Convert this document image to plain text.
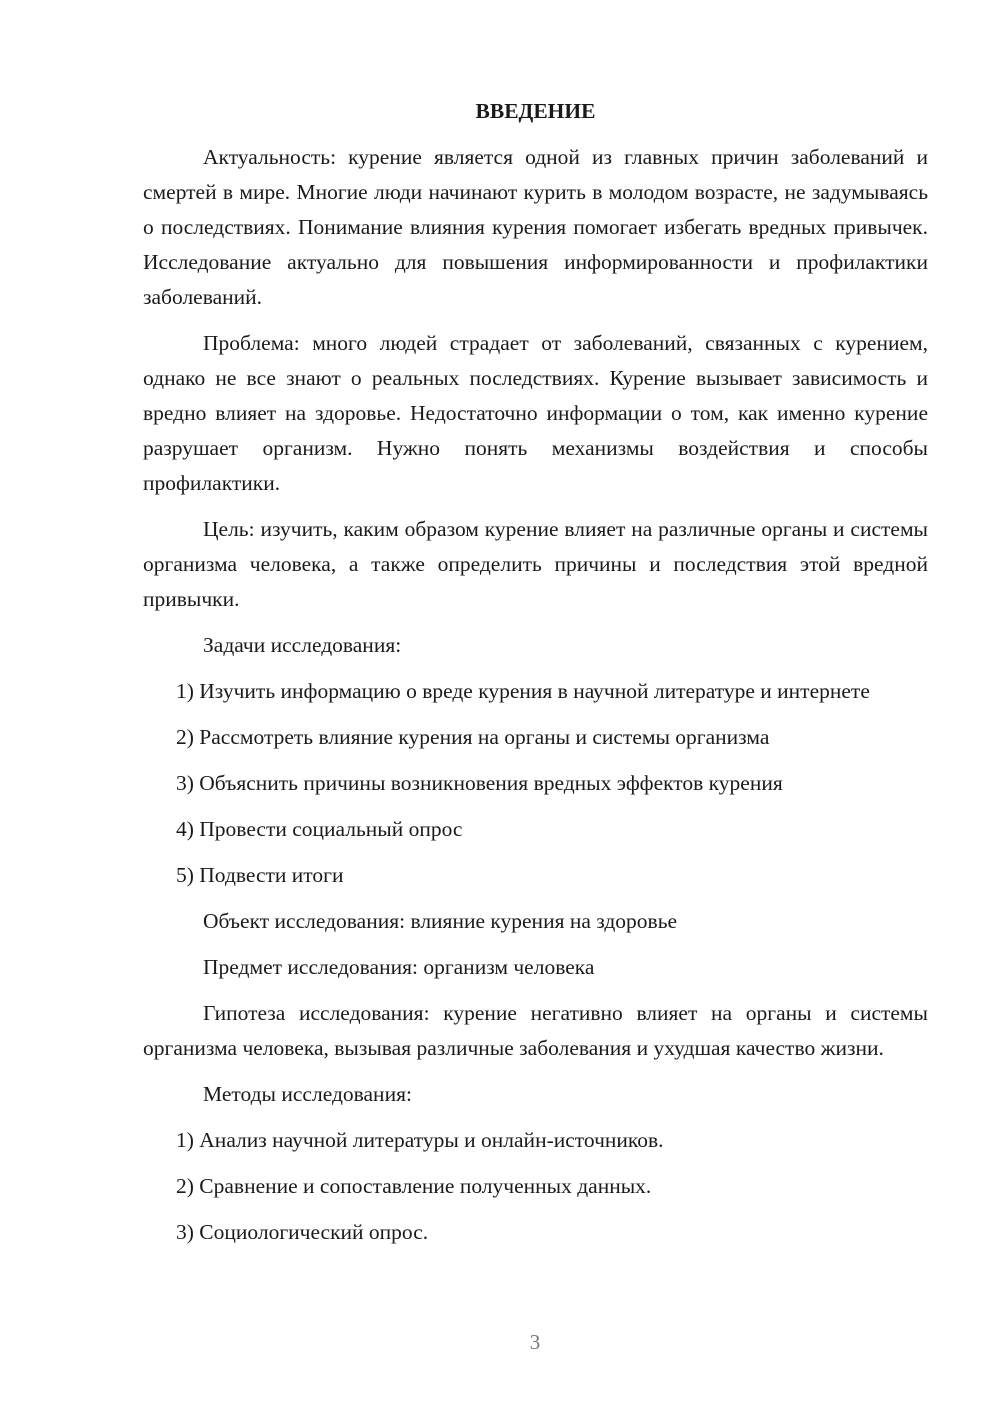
ВВЕДЕНИЕ

Актуальность: курение является одной из главных причин заболеваний и смертей в мире. Многие люди начинают курить в молодом возрасте, не задумываясь о последствиях. Понимание влияния курения помогает избегать вредных привычек. Исследование актуально для повышения информированности и профилактики заболеваний.

Проблема: много людей страдает от заболеваний, связанных с курением, однако не все знают о реальных последствиях. Курение вызывает зависимость и вредно влияет на здоровье. Недостаточно информации о том, как именно курение разрушает организм. Нужно понять механизмы воздействия и способы профилактики.

Цель: изучить, каким образом курение влияет на различные органы и системы организма человека, а также определить причины и последствия этой вредной привычки.

Задачи исследования:

1) Изучить информацию о вреде курения в научной литературе и интернете

2) Рассмотреть влияние курения на органы и системы организма

3) Объяснить причины возникновения вредных эффектов курения

4) Провести социальный опрос

5) Подвести итоги

Объект исследования: влияние курения на здоровье

Предмет исследования: организм человека

Гипотеза исследования: курение негативно влияет на органы и системы организма человека, вызывая различные заболевания и ухудшая качество жизни.

Методы исследования:

1) Анализ научной литературы и онлайн-источников.

2) Сравнение и сопоставление полученных данных.

3) Социологический опрос.

3
